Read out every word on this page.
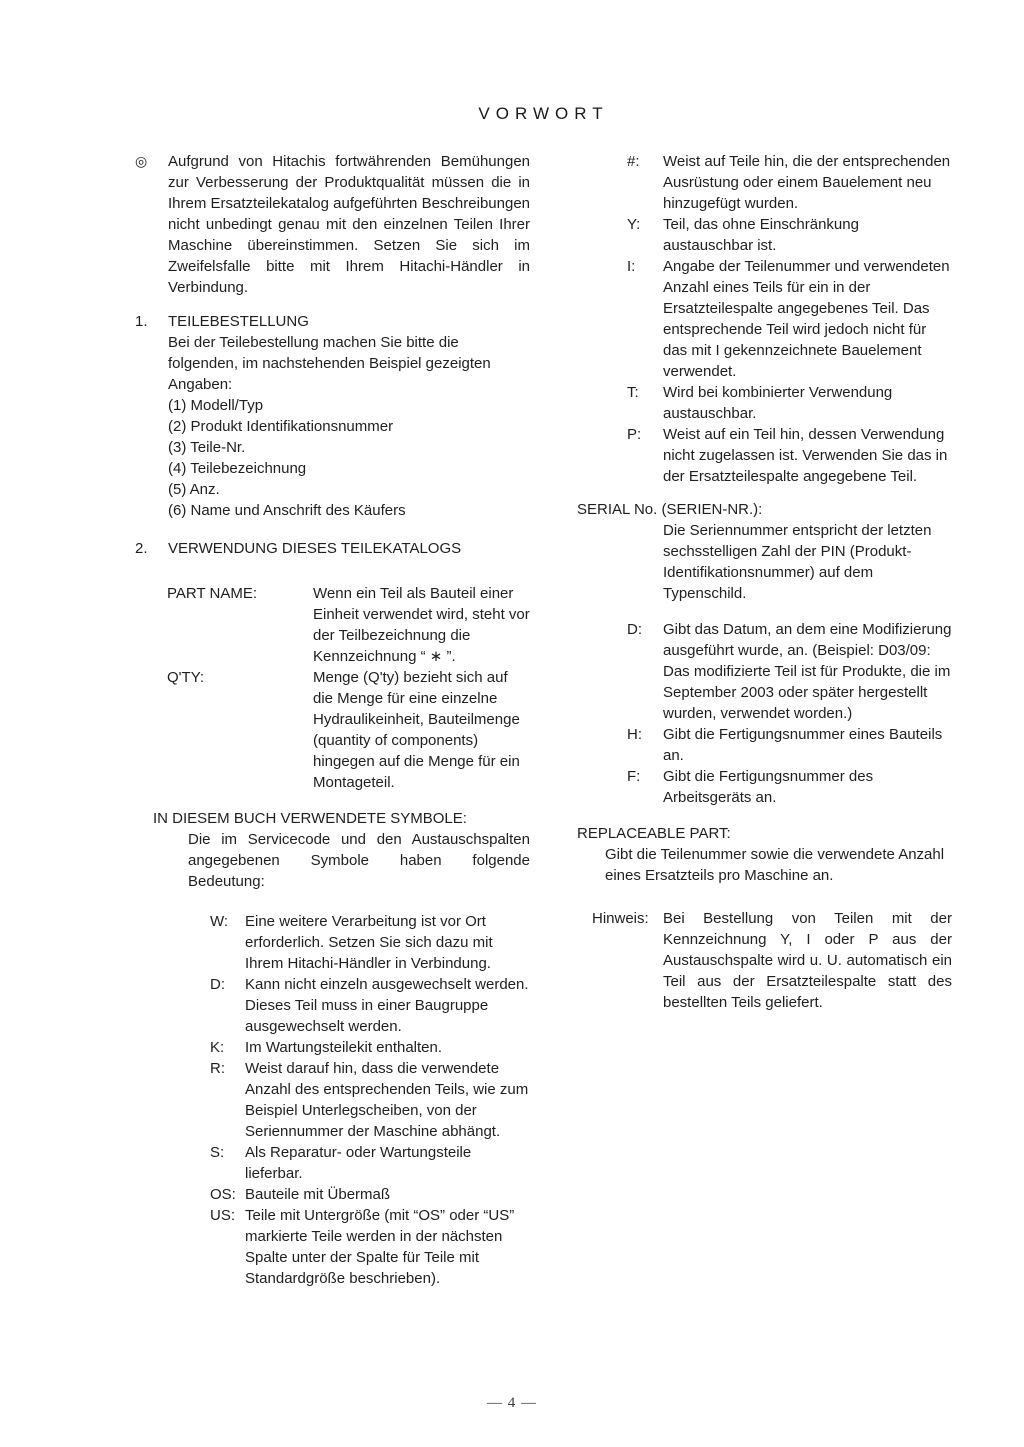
VORWORT
◎	Aufgrund von Hitachis fortwährenden Bemühungen zur Verbesserung der Produktqualität müssen die in Ihrem Ersatzteilekatalog aufgeführten Beschreibungen nicht unbedingt genau mit den einzelnen Teilen Ihrer Maschine übereinstimmen. Setzen Sie sich im Zweifelsfalle bitte mit Ihrem Hitachi-Händler in Verbindung.

1.	TEILEBESTELLUNG

Bei der Teilebestellung machen Sie bitte die folgenden, im nachstehenden Beispiel gezeigten Angaben:

(1) Modell/Typ
(2) Produkt Identifikationsnummer
(3) Teile-Nr.
(4) Teilebezeichnung
(5) Anz.
(6) Name und Anschrift des Käufers
2.	VERWENDUNG DIESES TEILEKATALOGS
PART NAME:	Wenn ein Teil als Bauteil einer Einheit verwendet wird, steht vor der Teilbezeichnung die Kennzeichnung “ ∗ ”.

Q'TY:	Menge (Q'ty) bezieht sich auf die Menge für eine einzelne Hydraulikeinheit, Bauteilmenge (quantity of components) hingegen auf die Menge für ein Montageteil.

IN DIESEM BUCH VERWENDETE SYMBOLE:

Die im Servicecode und den Austauschspalten angegebenen Symbole haben folgende Bedeutung:

W:	Eine weitere Verarbeitung ist vor Ort erforderlich. Setzen Sie sich dazu mit Ihrem Hitachi-Händler in Verbindung.

D:	Kann nicht einzeln ausgewechselt werden. Dieses Teil muss in einer Baugruppe ausgewechselt werden.

K:	Im Wartungsteilekit enthalten.

R:	Weist darauf hin, dass die verwendete Anzahl des entsprechenden Teils, wie zum Beispiel Unterlegscheiben, von der Seriennummer der Maschine abhängt.

S:	Als Reparatur- oder Wartungsteile lieferbar.

OS: Bauteile mit Übermaß

US: Teile mit Untergröße (mit “OS” oder “US” markierte Teile werden in der nächsten Spalte unter der Spalte für Teile mit Standardgröße beschrieben).

#:	Weist auf Teile hin, die der entsprechenden Ausrüstung oder einem Bauelement neu hinzugefügt wurden.

Y:	Teil, das ohne Einschränkung austauschbar ist.

I:	Angabe der Teilenummer und verwendeten Anzahl eines Teils für ein in der Ersatzteilespalte angegebenes Teil. Das entsprechende Teil wird jedoch nicht für das mit I gekennzeichnete Bauelement verwendet.

T:	Wird bei kombinierter Verwendung austauschbar.

P:	Weist auf ein Teil hin, dessen Verwendung nicht zugelassen ist. Verwenden Sie das in der Ersatzteilespalte angegebene Teil.

SERIAL No. (SERIEN-NR.):

Die Seriennummer entspricht der letzten sechsstelligen Zahl der PIN (Produkt-Identifikationsnummer) auf dem Typenschild.

D:	Gibt das Datum, an dem eine Modifizierung ausgeführt wurde, an. (Beispiel: D03/09: Das modifizierte Teil ist für Produkte, die im September 2003 oder später hergestellt wurden, verwendet worden.)

H:	Gibt die Fertigungsnummer eines Bauteils an.

F:	Gibt die Fertigungsnummer des Arbeitsgeräts an.

REPLACEABLE PART:

Gibt die Teilenummer sowie die verwendete Anzahl eines Ersatzteils pro Maschine an.

Hinweis: Bei Bestellung von Teilen mit der Kennzeichnung Y, I oder P aus der Austauschspalte wird u. U. automatisch ein Teil aus der Ersatzteilespalte statt des bestellten Teils geliefert.

— 4 —
